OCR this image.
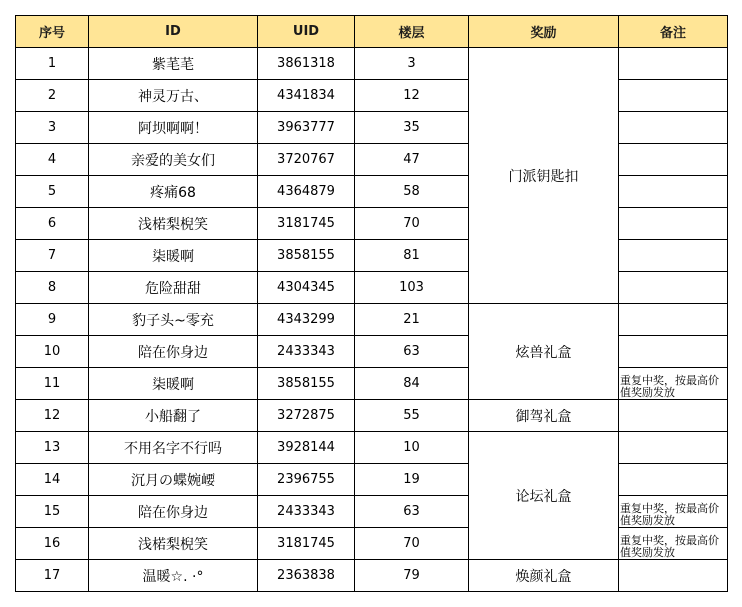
序号	ID	UID	楼层	奖励	备注
1	紫芼芼	3861318	3	门派钥匙扣	
2	神灵万古、	4341834	12		
3	阿坝啊啊！	3963777	35		
4	亲爱的美女们	3720767	47		
5	疼痛68	4364879	58		
6	浅楉梨棿笑	3181745	70		
7	柒暖啊	3858155	81		
8	危险甜甜	4304345	103		
9	豹子头~零充	4343299	21	炫兽礼盒	
10	陪在你身边	2433343	63		
11	柒暖啊	3858155	84		重复中奖，按最高价值奖励发放
12	小船翻了	3272875	55	御驾礼盒	
13	不用名字不行吗	3928144	10	论坛礼盒	
14	沉月の蝶婉崾	2396755	19		
15	陪在你身边	2433343	63		重复中奖，按最高价值奖励发放
16	浅楉梨棿笑	3181745	70		重复中奖，按最高价值奖励发放
17	温暖☆. ·°	2363838	79	焕颜礼盒	
